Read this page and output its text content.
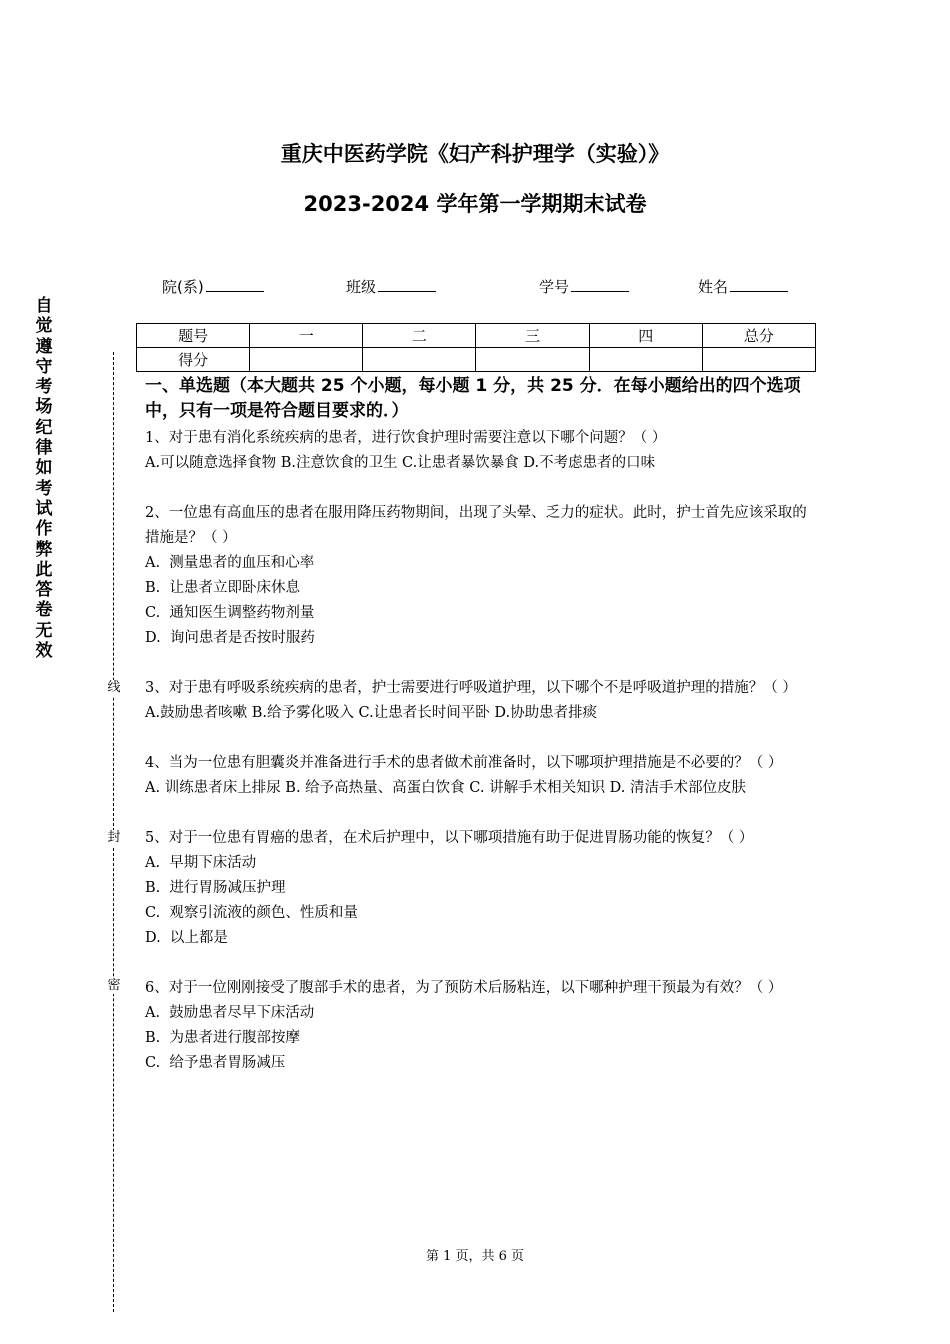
重庆中医药学院《妇产科护理学（实验）》
2023-2024 学年第一学期期末试卷
院(系)	班级	学号	姓名
题号	一	二	三	四	总分
得分					
自觉遵守考场纪律如考试作弊此答卷无效
线
封
密
一、单选题（本大题共 25 个小题，每小题 1 分，共 25 分．在每小题给出的四个选项中，只有一项是符合题目要求的．）

1、对于患有消化系统疾病的患者，进行饮食护理时需要注意以下哪个问题？（ ）

A.可以随意选择食物 B.注意饮食的卫生 C.让患者暴饮暴食 D.不考虑患者的口味

2、一位患有高血压的患者在服用降压药物期间，出现了头晕、乏力的症状。此时，护士首先应该采取的措施是？（ ）

A.  测量患者的血压和心率

B.  让患者立即卧床休息

C.  通知医生调整药物剂量

D.  询问患者是否按时服药

3、对于患有呼吸系统疾病的患者，护士需要进行呼吸道护理，以下哪个不是呼吸道护理的措施？（ ）

A.鼓励患者咳嗽 B.给予雾化吸入 C.让患者长时间平卧 D.协助患者排痰

4、当为一位患有胆囊炎并准备进行手术的患者做术前准备时，以下哪项护理措施是不必要的？（ ）

A. 训练患者床上排尿 B. 给予高热量、高蛋白饮食 C. 讲解手术相关知识 D. 清洁手术部位皮肤

5、对于一位患有胃癌的患者，在术后护理中，以下哪项措施有助于促进胃肠功能的恢复？（ ）

A.  早期下床活动

B.  进行胃肠减压护理

C.  观察引流液的颜色、性质和量

D.  以上都是

6、对于一位刚刚接受了腹部手术的患者，为了预防术后肠粘连，以下哪种护理干预最为有效？（ ）

A.  鼓励患者尽早下床活动

B.  为患者进行腹部按摩

C.  给予患者胃肠减压

第 1 页，共 6 页
